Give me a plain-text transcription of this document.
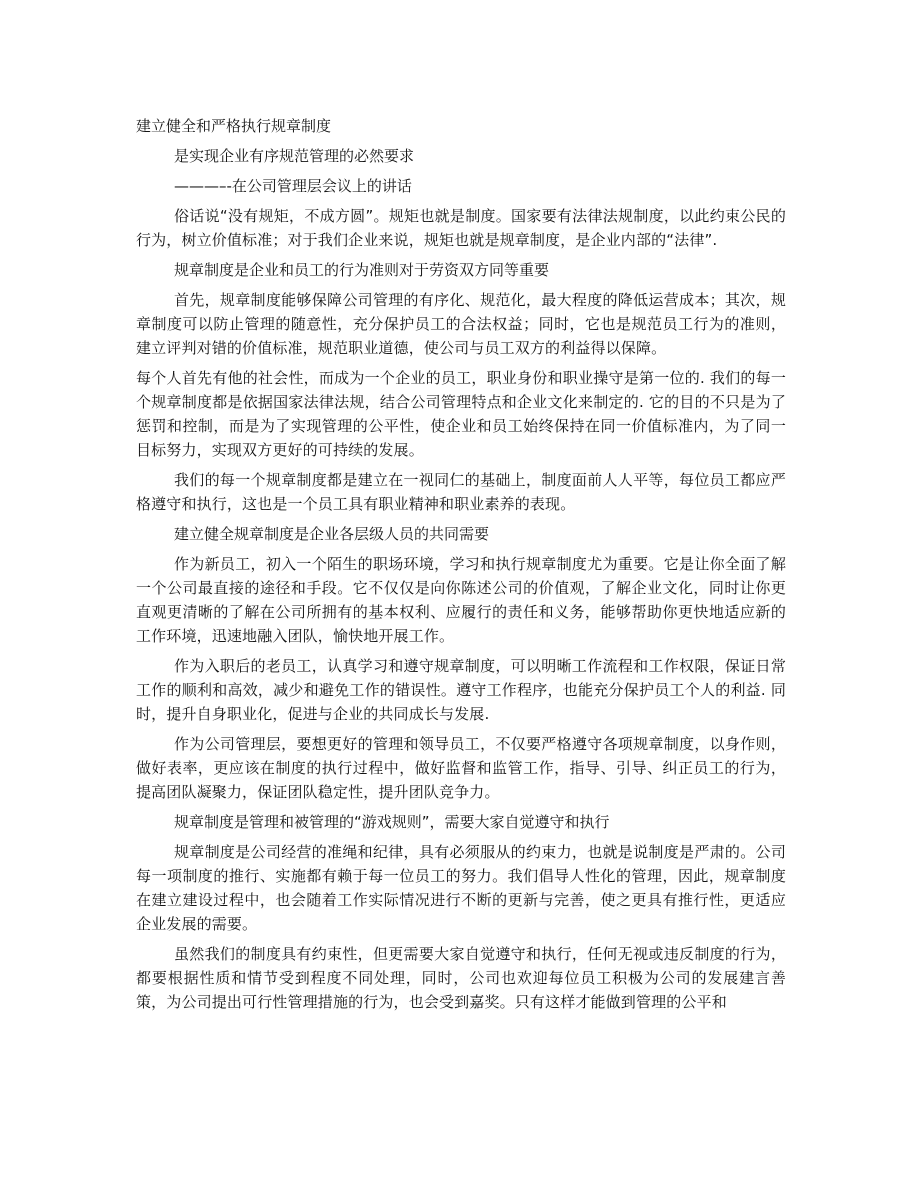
建立健全和严格执行规章制度
是实现企业有序规范管理的必然要求
———–-在公司管理层会议上的讲话

俗话说“没有规矩，不成方圆”。规矩也就是制度。国家要有法律法规制度，以此约束公民的行为，树立价值标准；对于我们企业来说，规矩也就是规章制度，是企业内部的“法律”.

规章制度是企业和员工的行为准则对于劳资双方同等重要

首先，规章制度能够保障公司管理的有序化、规范化，最大程度的降低运营成本；其次，规章制度可以防止管理的随意性，充分保护员工的合法权益；同时，它也是规范员工行为的准则，建立评判对错的价值标准，规范职业道德，使公司与员工双方的利益得以保障。

每个人首先有他的社会性，而成为一个企业的员工，职业身份和职业操守是第一位的. 我们的每一个规章制度都是依据国家法律法规，结合公司管理特点和企业文化来制定的. 它的目的不只是为了惩罚和控制，而是为了实现管理的公平性，使企业和员工始终保持在同一价值标准内，为了同一目标努力，实现双方更好的可持续的发展。

我们的每一个规章制度都是建立在一视同仁的基础上，制度面前人人平等，每位员工都应严格遵守和执行，这也是一个员工具有职业精神和职业素养的表现。

建立健全规章制度是企业各层级人员的共同需要

作为新员工，初入一个陌生的职场环境，学习和执行规章制度尤为重要。它是让你全面了解一个公司最直接的途径和手段。它不仅仅是向你陈述公司的价值观，了解企业文化，同时让你更直观更清晰的了解在公司所拥有的基本权利、应履行的责任和义务，能够帮助你更快地适应新的工作环境，迅速地融入团队，愉快地开展工作。

作为入职后的老员工，认真学习和遵守规章制度，可以明晰工作流程和工作权限，保证日常工作的顺利和高效，减少和避免工作的错误性。遵守工作程序，也能充分保护员工个人的利益. 同时，提升自身职业化，促进与企业的共同成长与发展.

作为公司管理层，要想更好的管理和领导员工，不仅要严格遵守各项规章制度，以身作则，做好表率，更应该在制度的执行过程中，做好监督和监管工作，指导、引导、纠正员工的行为，提高团队凝聚力，保证团队稳定性，提升团队竞争力。

规章制度是管理和被管理的“游戏规则”，需要大家自觉遵守和执行

规章制度是公司经营的准绳和纪律，具有必须服从的约束力，也就是说制度是严肃的。公司每一项制度的推行、实施都有赖于每一位员工的努力。我们倡导人性化的管理，因此，规章制度在建立建设过程中，也会随着工作实际情况进行不断的更新与完善，使之更具有推行性，更适应企业发展的需要。

虽然我们的制度具有约束性，但更需要大家自觉遵守和执行，任何无视或违反制度的行为，都要根据性质和情节受到程度不同处理，同时，公司也欢迎每位员工积极为公司的发展建言善策，为公司提出可行性管理措施的行为，也会受到嘉奖。只有这样才能做到管理的公平和
